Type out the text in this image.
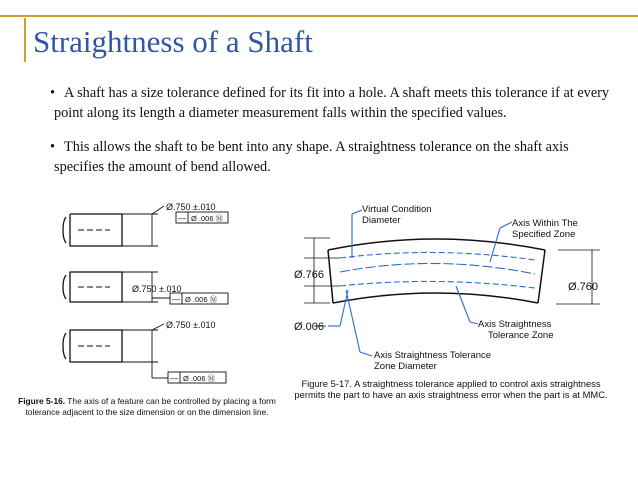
Straightness of a Shaft
• A shaft has a size tolerance defined for its fit into a hole. A shaft meets this tolerance if at every point along its length a diameter measurement falls within the specified values.
• This allows the shaft to be bent into any shape. A straightness tolerance on the shaft axis specifies the amount of bend allowed.
Ø.750 ±.010
— Ø .006 Ⓜ
Ø.750 ±.010
— Ø .006 Ⓜ
Ø.750 ±.010
— Ø .006 Ⓜ
Figure 5-16. The axis of a feature can be controlled by placing a form tolerance adjacent to the size dimension or on the dimension line.
Virtual Condition
Diameter	Axis Within The
Specified Zone
Ø.766
Ø.760
Ø.006	Axis Straightness
Tolerance Zone
Axis Straightness Tolerance
Zone Diameter
Figure 5-17. A straightness tolerance applied to control axis straightness permits the part to have an axis straightness error when the part is at MMC.
